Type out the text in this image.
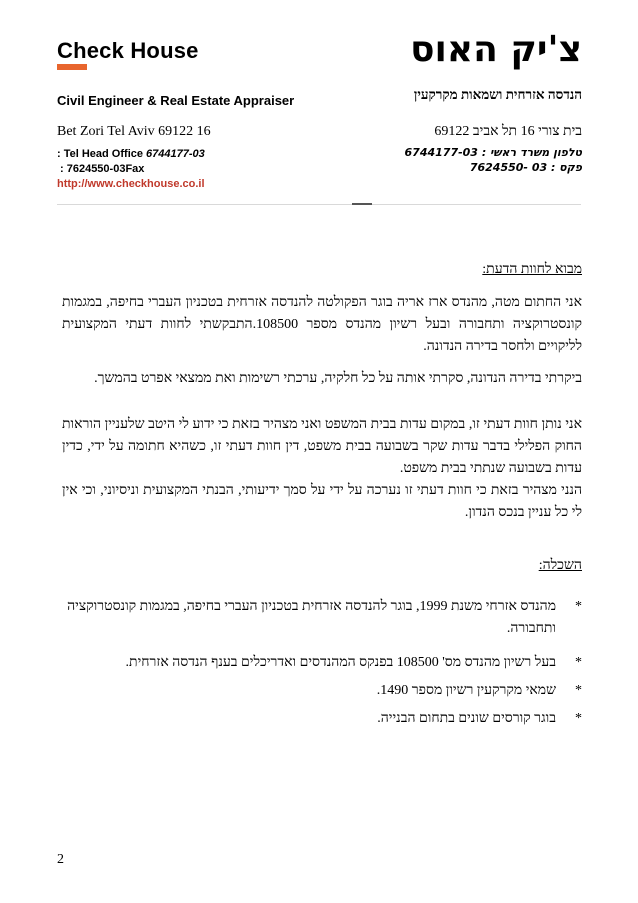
Check House	צ'יק האוס
Civil Engineer & Real Estate Appraiser	הנדסה אזרחית ושמאות מקרקעין
Bet Zori Tel Aviv 69122 16	בית צורי 16 תל אביב 69122
: Tel Head Office 6744177-03
: 7624550-03Fax
http://www.checkhouse.co.il
טלפון משרד ראשי : 6744177-03
פקס : 03 -7624550
מבוא לחוות הדעת:

אני החתום מטה, מהנדס ארז אריה בוגר הפקולטה להנדסה אזרחית בטכניון העברי בחיפה, במגמות קונסטרוקציה ותחבורה ובעל רשיון מהנדס מספר 108500.התבקשתי לחוות דעתי המקצועית לליקויים ולחסר בדירה הנדונה.

ביקרתי בדירה הנדונה, סקרתי אותה על כל חלקיה, ערכתי רשימות ואת ממצאי אפרט בהמשך.

אני נותן חוות דעתי זו, במקום עדות בבית המשפט ואני מצהיר בזאת כי ידוע לי היטב שלעניין הוראות החוק הפלילי בדבר עדות שקר בשבועה בבית משפט, דין חוות דעתי זו, כשהיא חתומה על ידי, כדין עדות בשבועה שנתתי בבית משפט.

הנני מצהיר בזאת כי חוות דעתי זו נערכה על ידי על סמך ידיעותי, הבנתי המקצועית וניסיוני, וכי אין לי כל עניין בנכס הנדון.

השכלה:
*
מהנדס אזרחי משנת 1999, בוגר להנדסה אזרחית בטכניון העברי בחיפה, במגמות קונסטרוקציה ותחבורה.
*
בעל רשיון מהנדס מס' 108500 בפנקס המהנדסים ואדריכלים בענף הנדסה אזרחית.
*
שמאי מקרקעין רשיון מספר 1490.
*
בוגר קורסים שונים בתחום הבנייה.
2
